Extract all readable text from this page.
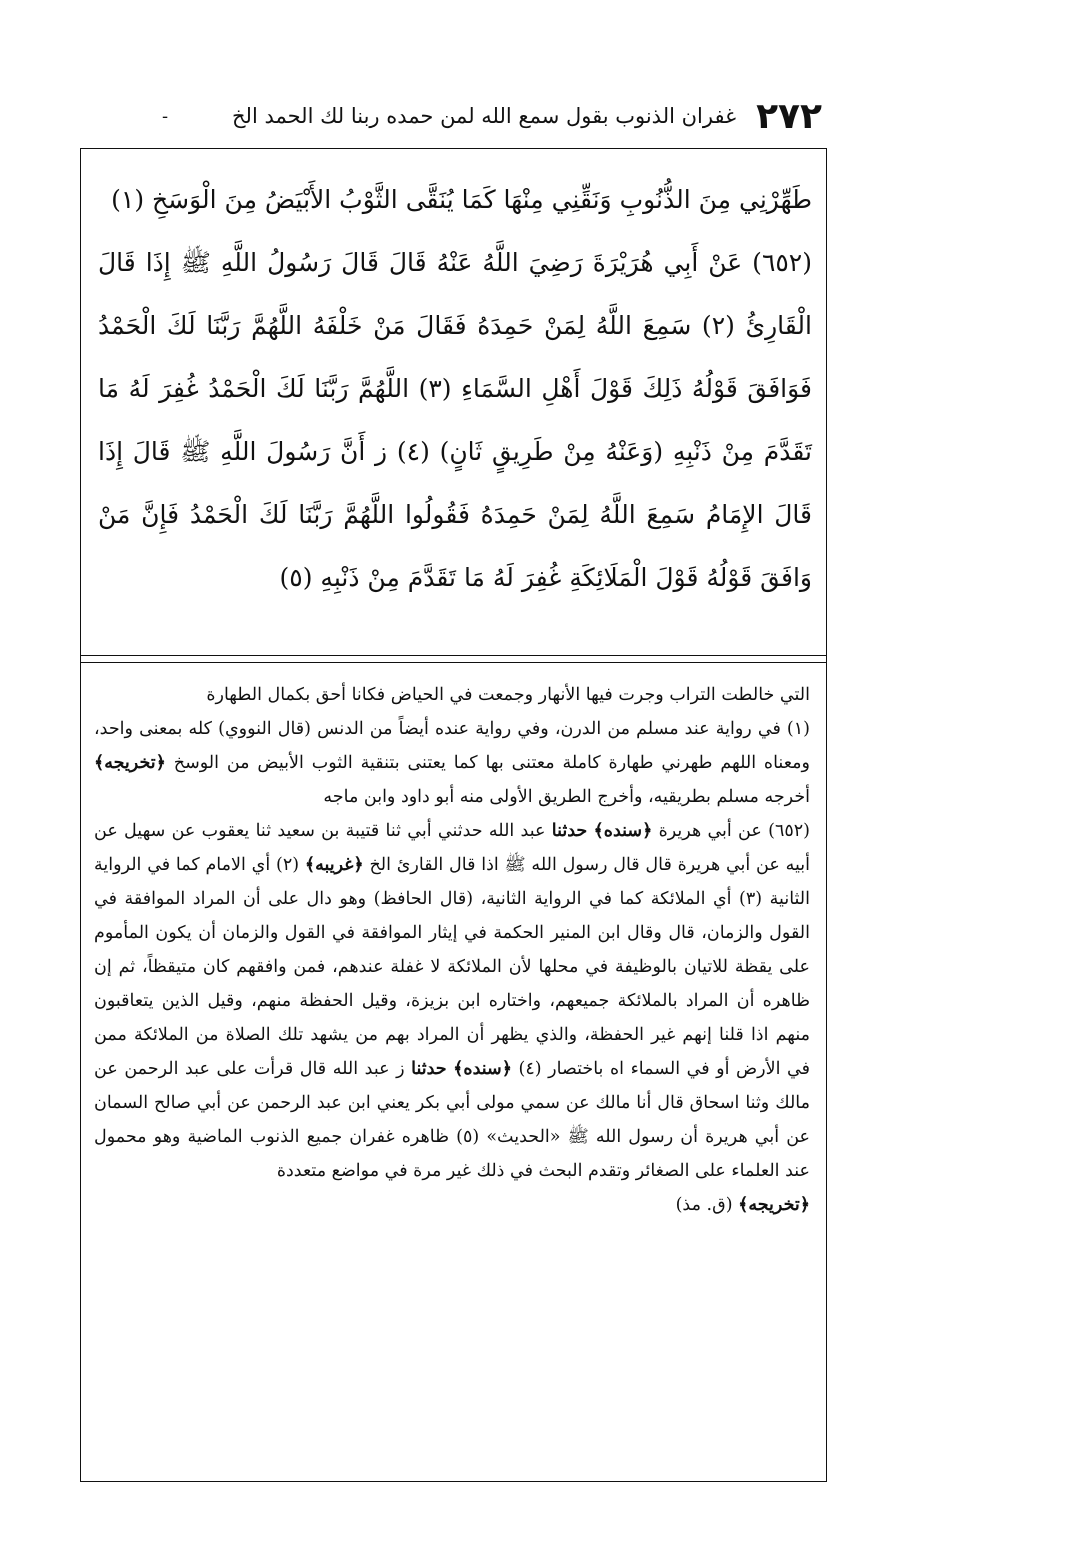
٢٧٢
غفران الذنوب بقول سمع الله لمن حمده ربنا لك الحمد الخ
-

طَهِّرْنِي مِنَ الذُّنُوبِ وَنَقِّنِي مِنْهَا كَمَا يُنَقَّى الثَّوْبُ الأَبْيَضُ مِنَ الْوَسَخِ (١)

(٦٥٢) عَنْ أَبِي هُرَيْرَةَ رَضِيَ اللَّهُ عَنْهُ قَالَ قَالَ رَسُولُ اللَّهِ ﷺ إِذَا قَالَ الْقَارِئُ (٢) سَمِعَ اللَّهُ لِمَنْ حَمِدَهُ فَقَالَ مَنْ خَلْفَهُ اللَّهُمَّ رَبَّنَا لَكَ الْحَمْدُ فَوَافَقَ قَوْلُهُ ذَلِكَ قَوْلَ أَهْلِ السَّمَاءِ (٣) اللَّهُمَّ رَبَّنَا لَكَ الْحَمْدُ غُفِرَ لَهُ مَا تَقَدَّمَ مِنْ ذَنْبِهِ (وَعَنْهُ مِنْ طَرِيقٍ ثَانٍ) (٤) ز أَنَّ رَسُولَ اللَّهِ ﷺ قَالَ إِذَا قَالَ الإِمَامُ سَمِعَ اللَّهُ لِمَنْ حَمِدَهُ فَقُولُوا اللَّهُمَّ رَبَّنَا لَكَ الْحَمْدُ فَإِنَّ مَنْ وَافَقَ قَوْلُهُ قَوْلَ الْمَلَائِكَةِ غُفِرَ لَهُ مَا تَقَدَّمَ مِنْ ذَنْبِهِ (٥)

التي خالطت التراب وجرت فيها الأنهار وجمعت في الحياض فكانا أحق بكمال الطهارة

(١) في رواية عند مسلم من الدرن، وفي رواية عنده أيضاً من الدنس (قال النووي) كله بمعنى واحد، ومعناه اللهم طهرني طهارة كاملة معتنى بها كما يعتنى بتنقية الثوب الأبيض من الوسخ ﴿تخريجه﴾ أخرجه مسلم بطريقيه، وأخرج الطريق الأولى منه أبو داود وابن ماجه

(٦٥٢) عن أبي هريرة ﴿سنده﴾ حدثنا عبد الله حدثني أبي ثنا قتيبة بن سعيد ثنا يعقوب عن سهيل عن أبيه عن أبي هريرة قال قال رسول الله ﷺ اذا قال القارئ الخ ﴿غريبه﴾ (٢) أي الامام كما في الرواية الثانية (٣) أي الملائكة كما في الرواية الثانية، (قال الحافظ) وهو دال على أن المراد الموافقة في القول والزمان، قال وقال ابن المنير الحكمة في إيثار الموافقة في القول والزمان أن يكون المأموم على يقظة للاتيان بالوظيفة في محلها لأن الملائكة لا غفلة عندهم، فمن وافقهم كان متيقظاً، ثم إن ظاهره أن المراد بالملائكة جميعهم، واختاره ابن بزيزة، وقيل الحفظة منهم، وقيل الذين يتعاقبون منهم اذا قلنا إنهم غير الحفظة، والذي يظهر أن المراد بهم من يشهد تلك الصلاة من الملائكة ممن في الأرض أو في السماء اه باختصار (٤) ﴿سنده﴾ حدثنا ز عبد الله قال قرأت على عبد الرحمن عن مالك وثنا اسحاق قال أنا مالك عن سمي مولى أبي بكر يعني ابن عبد الرحمن عن أبي صالح السمان عن أبي هريرة أن رسول الله ﷺ «الحديث» (٥) ظاهره غفران جميع الذنوب الماضية وهو محمول عند العلماء على الصغائر وتقدم البحث في ذلك غير مرة في مواضع متعددة

﴿تخريجه﴾ (ق. مذ)
